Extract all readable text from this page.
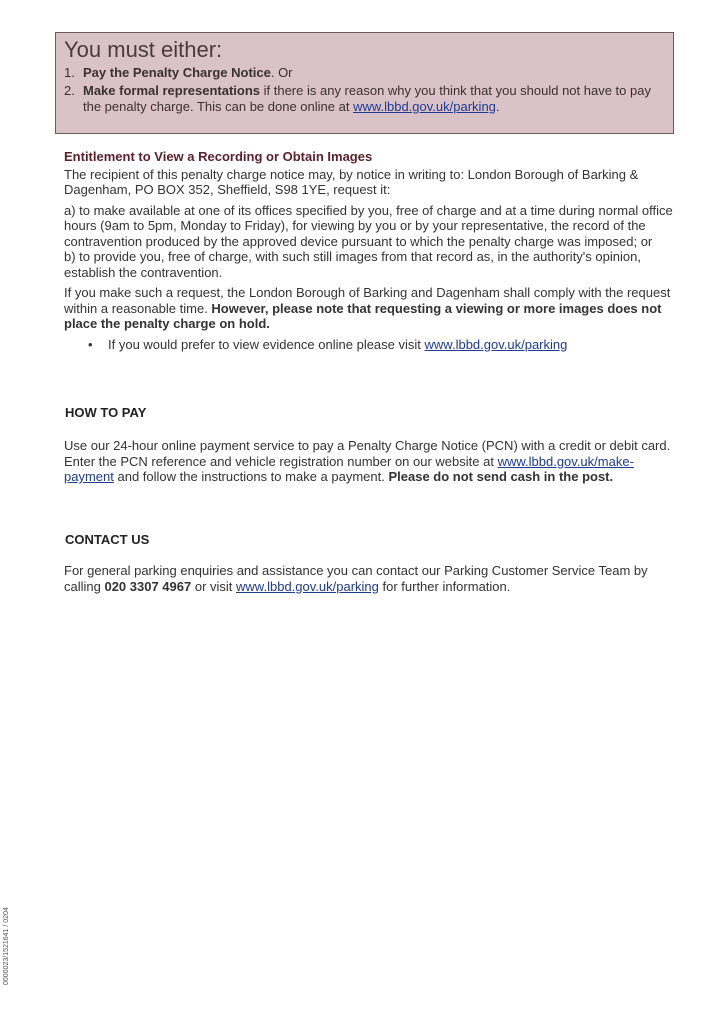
You must either:
1. Pay the Penalty Charge Notice. Or
2. Make formal representations if there is any reason why you think that you should not have to pay the penalty charge. This can be done online at www.lbbd.gov.uk/parking.
Entitlement to View a Recording or Obtain Images

The recipient of this penalty charge notice may, by notice in writing to: London Borough of Barking & Dagenham, PO BOX 352, Sheffield, S98 1YE, request it:

a) to make available at one of its offices specified by you, free of charge and at a time during normal office hours (9am to 5pm, Monday to Friday), for viewing by you or by your representative, the record of the contravention produced by the approved device pursuant to which the penalty charge was imposed; or

b) to provide you, free of charge, with such still images from that record as, in the authority's opinion, establish the contravention.

If you make such a request, the London Borough of Barking and Dagenham shall comply with the request within a reasonable time. However, please note that requesting a viewing or more images does not place the penalty charge on hold.

•	If you would prefer to view evidence online please visit www.lbbd.gov.uk/parking
HOW TO PAY

Use our 24-hour online payment service to pay a Penalty Charge Notice (PCN) with a credit or debit card. Enter the PCN reference and vehicle registration number on our website at www.lbbd.gov.uk/make-payment and follow the instructions to make a payment. Please do not send cash in the post.

CONTACT US

For general parking enquiries and assistance you can contact our Parking Customer Service Team by calling 020 3307 4967 or visit www.lbbd.gov.uk/parking for further information.

0000023/1521641 / 0204
